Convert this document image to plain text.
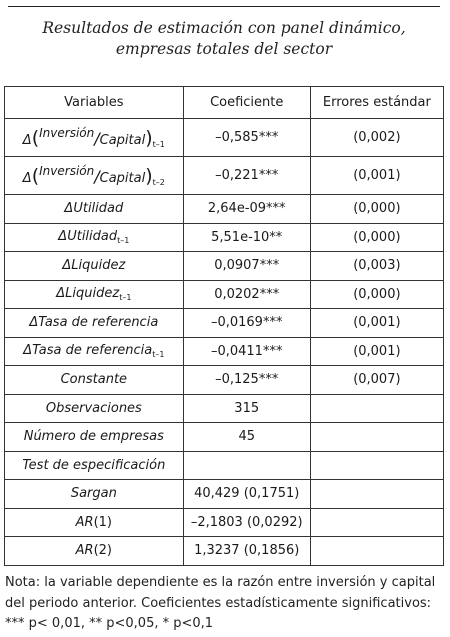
Resultados de estimación con panel dinámico, empresas totales del sector
Variables	Coeficiente	Errores estándar
$\Delta(^{Inversión}/Capital)_{t-1}$	–0,585***	(0,002)
$\Delta(^{Inversión}/Capital)_{t-2}$	–0,221***	(0,001)
ΔUtilidad	2,64e-09***	(0,000)
ΔUtilidad$_{t-1}$	5,51e-10**	(0,000)
ΔLiquidez	0,0907***	(0,003)
ΔLiquidez$_{t-1}$	0,0202***	(0,000)
ΔTasa de referencia	–0,0169***	(0,001)
ΔTasa de referencia$_{t-1}$	–0,0411***	(0,001)
Constante	–0,125***	(0,007)
Observaciones	315	
Número de empresas	45	
Test de especificación		
Sargan	40,429 (0,1751)	
AR(1)	–2,1803 (0,0292)	
AR(2)	1,3237 (0,1856)	
Nota: la variable dependiente es la razón entre inversión y capital del periodo anterior. Coeficientes estadísticamente significativos: *** p< 0,01, ** p<0,05, * p<0,1
